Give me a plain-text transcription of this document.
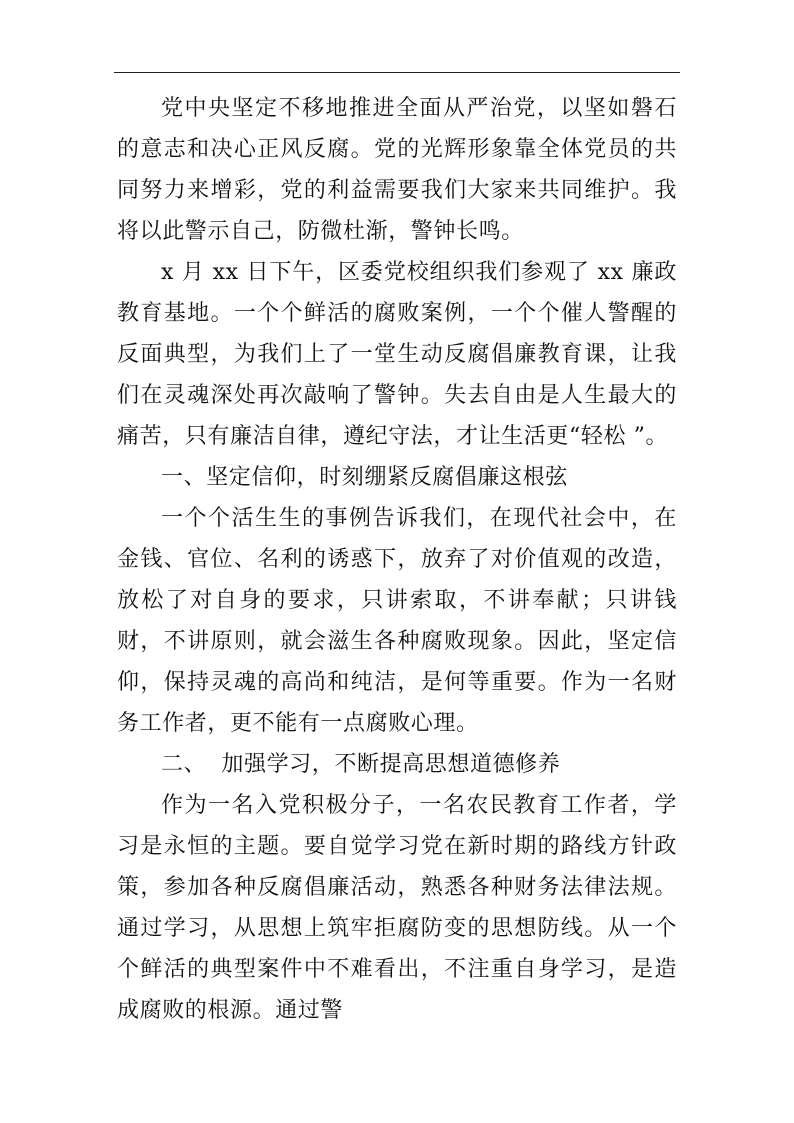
党中央坚定不移地推进全面从严治党，以坚如磐石的意志和决心正风反腐。党的光辉形象靠全体党员的共同努力来增彩，党的利益需要我们大家来共同维护。我将以此警示自己，防微杜渐，警钟长鸣。

x 月 xx 日下午，区委党校组织我们参观了 xx 廉政教育基地。一个个鲜活的腐败案例，一个个催人警醒的反面典型，为我们上了一堂生动反腐倡廉教育课，让我们在灵魂深处再次敲响了警钟。失去自由是人生最大的痛苦，只有廉洁自律，遵纪守法，才让生活更“轻松 ”。

一、坚定信仰，时刻绷紧反腐倡廉这根弦

一个个活生生的事例告诉我们，在现代社会中，在金钱、官位、名利的诱惑下，放弃了对价值观的改造，放松了对自身的要求，只讲索取，不讲奉献；只讲钱财，不讲原则，就会滋生各种腐败现象。因此，坚定信仰，保持灵魂的高尚和纯洁，是何等重要。作为一名财务工作者，更不能有一点腐败心理。

二、  加强学习，不断提高思想道德修养

作为一名入党积极分子，一名农民教育工作者，学习是永恒的主题。要自觉学习党在新时期的路线方针政策，参加各种反腐倡廉活动，熟悉各种财务法律法规。通过学习，从思想上筑牢拒腐防变的思想防线。从一个个鲜活的典型案件中不难看出，不注重自身学习，是造成腐败的根源。通过警
